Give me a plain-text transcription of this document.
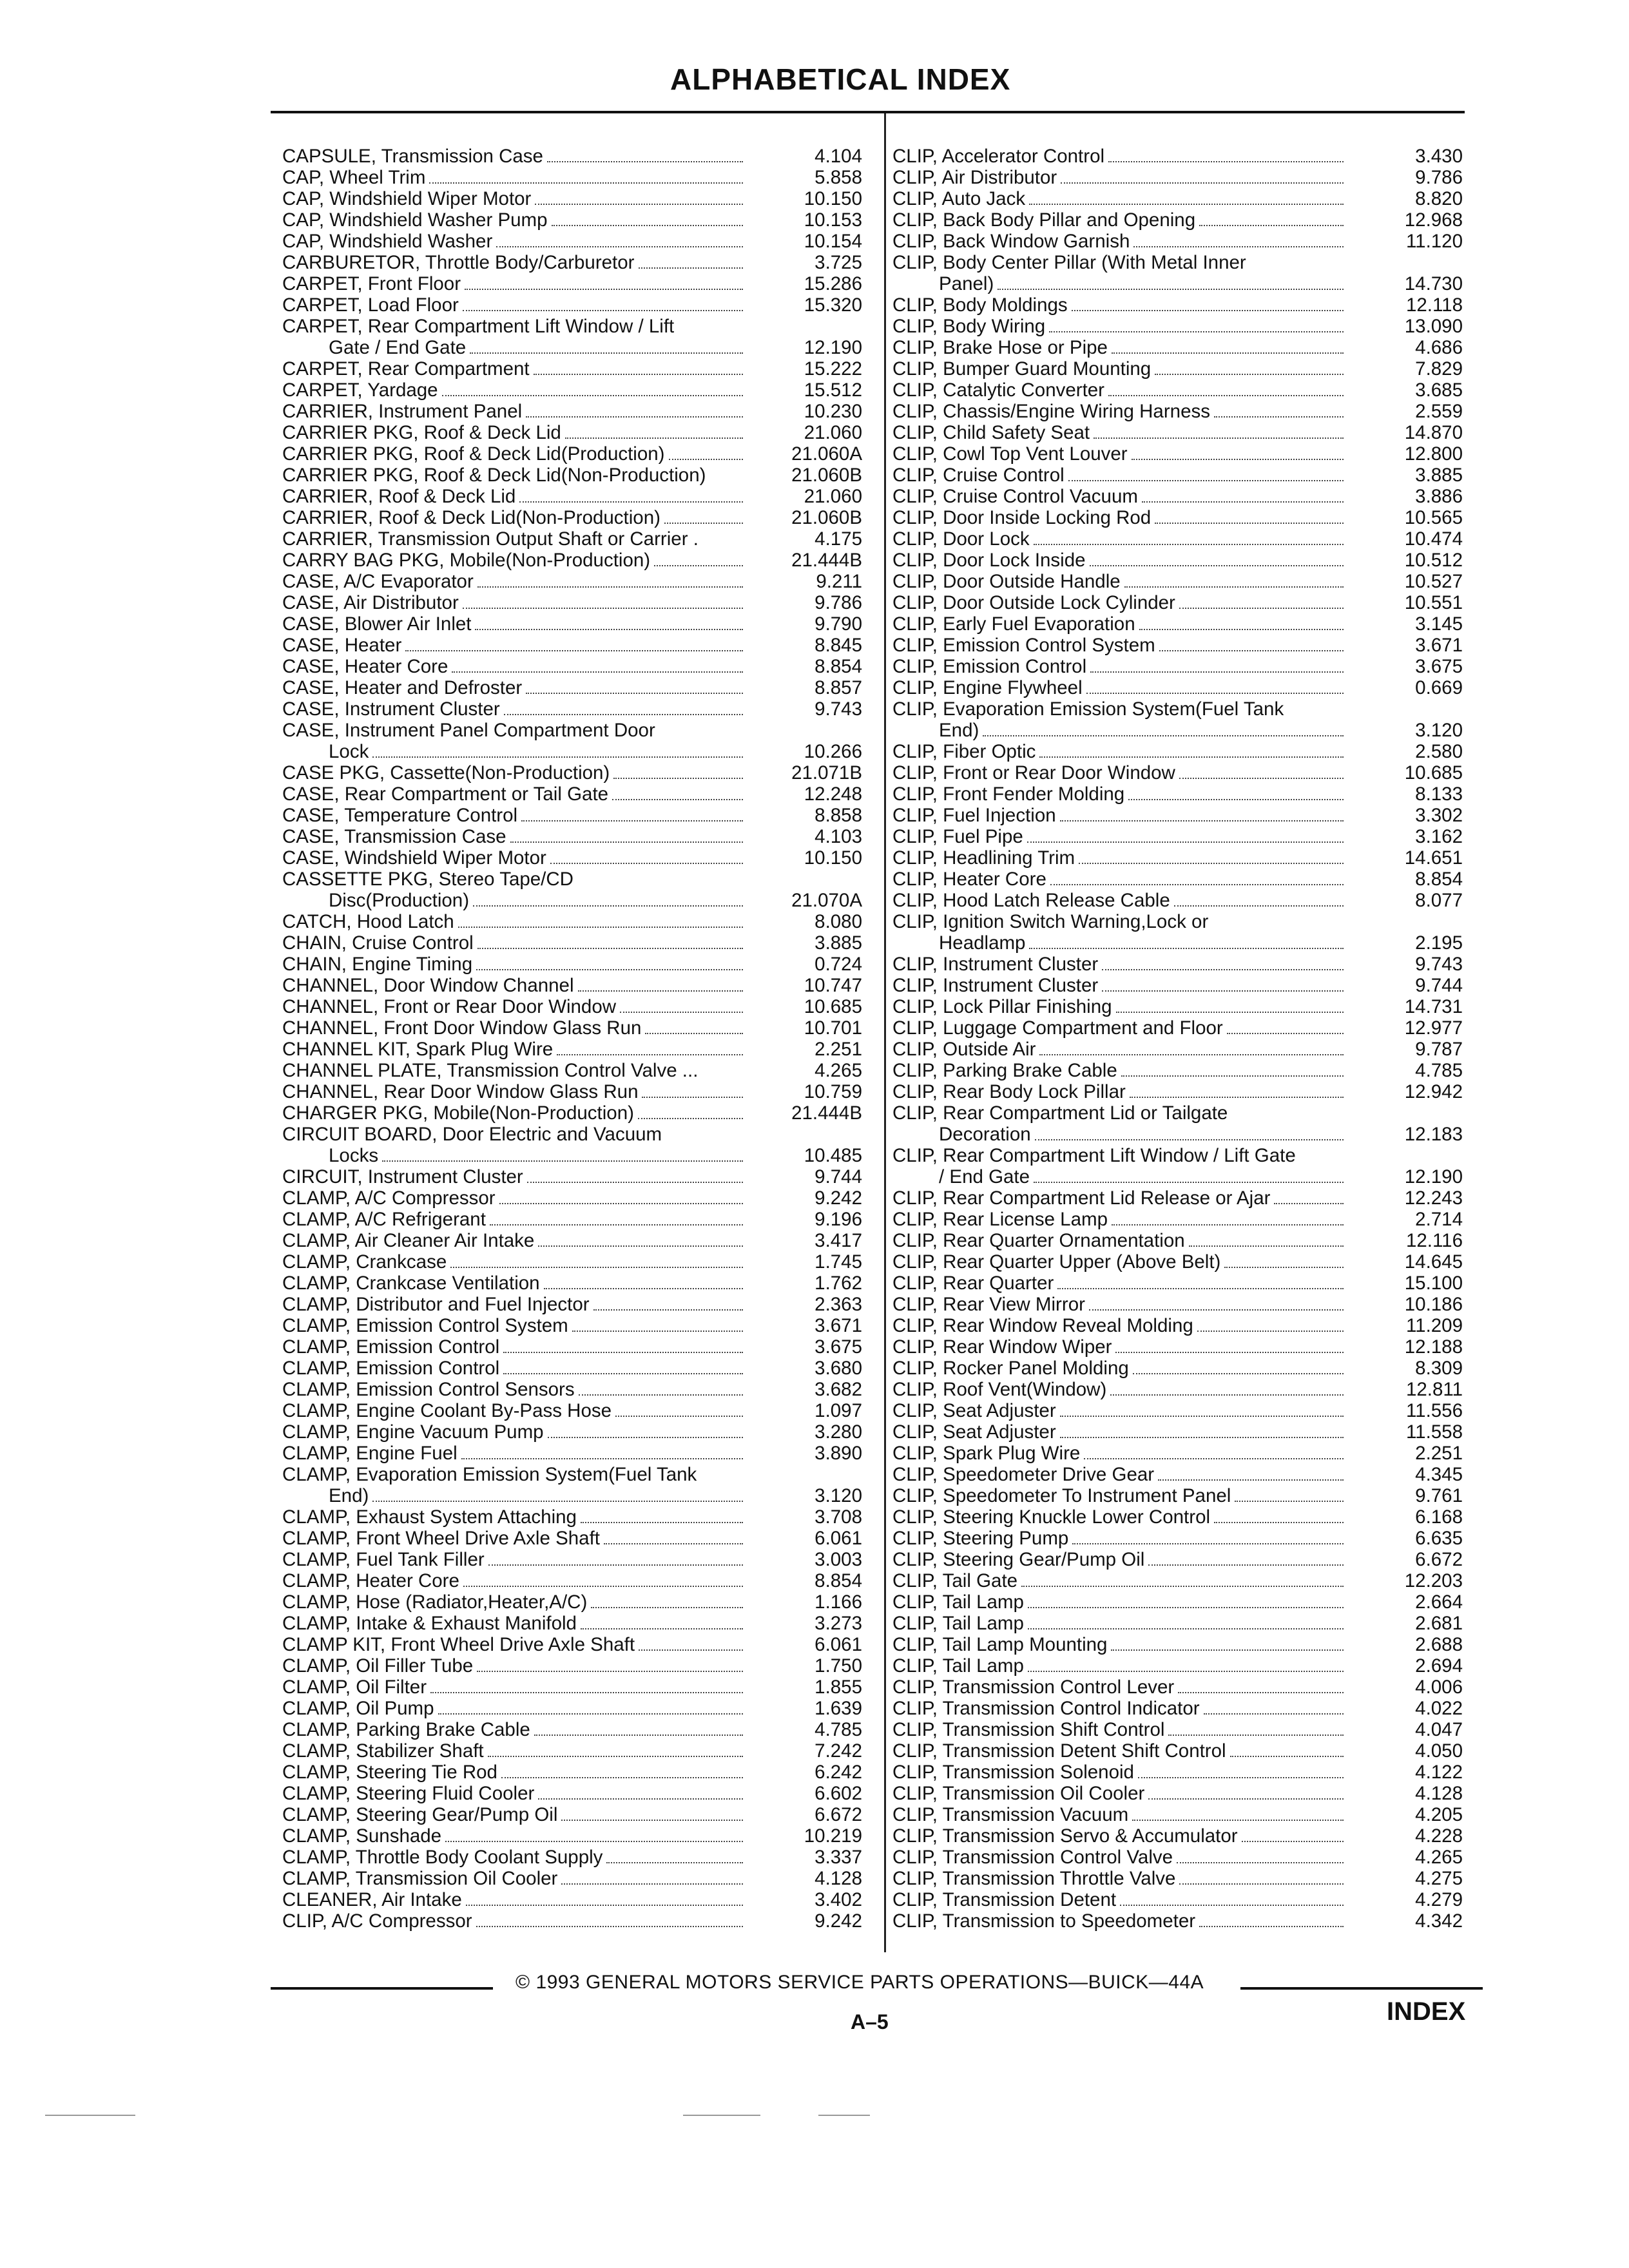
ALPHABETICAL INDEX
CAPSULE, Transmission Case	4.104
CAP, Wheel Trim	5.858
CAP, Windshield Wiper Motor	10.150
CAP, Windshield Washer Pump	10.153
CAP, Windshield Washer	10.154
CARBURETOR, Throttle Body/Carburetor	3.725
CARPET, Front Floor	15.286
CARPET, Load Floor	15.320
CARPET, Rear Compartment Lift Window / Lift
Gate / End Gate	12.190
CARPET, Rear Compartment	15.222
CARPET, Yardage	15.512
CARRIER, Instrument Panel	10.230
CARRIER PKG, Roof & Deck Lid	21.060
CARRIER PKG, Roof & Deck Lid(Production)	21.060A
CARRIER PKG, Roof & Deck Lid(Non-Production)	21.060B
CARRIER, Roof & Deck Lid	21.060
CARRIER, Roof & Deck Lid(Non-Production)	21.060B
CARRIER, Transmission Output Shaft or Carrier .	4.175
CARRY BAG PKG, Mobile(Non-Production)	21.444B
CASE, A/C Evaporator	9.211
CASE, Air Distributor	9.786
CASE, Blower Air Inlet	9.790
CASE, Heater	8.845
CASE, Heater Core	8.854
CASE, Heater and Defroster	8.857
CASE, Instrument Cluster	9.743
CASE, Instrument Panel Compartment Door
Lock	10.266
CASE PKG, Cassette(Non-Production)	21.071B
CASE, Rear Compartment or Tail Gate	12.248
CASE, Temperature Control	8.858
CASE, Transmission Case	4.103
CASE, Windshield Wiper Motor	10.150
CASSETTE PKG, Stereo Tape/CD
Disc(Production)	21.070A
CATCH, Hood Latch	8.080
CHAIN, Cruise Control	3.885
CHAIN, Engine Timing	0.724
CHANNEL, Door Window Channel	10.747
CHANNEL, Front or Rear Door Window	10.685
CHANNEL, Front Door Window Glass Run	10.701
CHANNEL KIT, Spark Plug Wire	2.251
CHANNEL PLATE, Transmission Control Valve ...	4.265
CHANNEL, Rear Door Window Glass Run	10.759
CHARGER PKG, Mobile(Non-Production)	21.444B
CIRCUIT BOARD, Door Electric and Vacuum
Locks	10.485
CIRCUIT, Instrument Cluster	9.744
CLAMP, A/C Compressor	9.242
CLAMP, A/C Refrigerant	9.196
CLAMP, Air Cleaner Air Intake	3.417
CLAMP, Crankcase	1.745
CLAMP, Crankcase Ventilation	1.762
CLAMP, Distributor and Fuel Injector	2.363
CLAMP, Emission Control System	3.671
CLAMP, Emission Control	3.675
CLAMP, Emission Control	3.680
CLAMP, Emission Control Sensors	3.682
CLAMP, Engine Coolant By-Pass Hose	1.097
CLAMP, Engine Vacuum Pump	3.280
CLAMP, Engine Fuel	3.890
CLAMP, Evaporation Emission System(Fuel Tank
End)	3.120
CLAMP, Exhaust System Attaching	3.708
CLAMP, Front Wheel Drive Axle Shaft	6.061
CLAMP, Fuel Tank Filler	3.003
CLAMP, Heater Core	8.854
CLAMP, Hose (Radiator,Heater,A/C)	1.166
CLAMP, Intake & Exhaust Manifold	3.273
CLAMP KIT, Front Wheel Drive Axle Shaft	6.061
CLAMP, Oil Filler Tube	1.750
CLAMP, Oil Filter	1.855
CLAMP, Oil Pump	1.639
CLAMP, Parking Brake Cable	4.785
CLAMP, Stabilizer Shaft	7.242
CLAMP, Steering Tie Rod	6.242
CLAMP, Steering Fluid Cooler	6.602
CLAMP, Steering Gear/Pump Oil	6.672
CLAMP, Sunshade	10.219
CLAMP, Throttle Body Coolant Supply	3.337
CLAMP, Transmission Oil Cooler	4.128
CLEANER, Air Intake	3.402
CLIP, A/C Compressor	9.242
CLIP, Accelerator Control	3.430
CLIP, Air Distributor	9.786
CLIP, Auto Jack	8.820
CLIP, Back Body Pillar and Opening	12.968
CLIP, Back Window Garnish	11.120
CLIP, Body Center Pillar (With Metal Inner
Panel)	14.730
CLIP, Body Moldings	12.118
CLIP, Body Wiring	13.090
CLIP, Brake Hose or Pipe	4.686
CLIP, Bumper Guard Mounting	7.829
CLIP, Catalytic Converter	3.685
CLIP, Chassis/Engine Wiring Harness	2.559
CLIP, Child Safety Seat	14.870
CLIP, Cowl Top Vent Louver	12.800
CLIP, Cruise Control	3.885
CLIP, Cruise Control Vacuum	3.886
CLIP, Door Inside Locking Rod	10.565
CLIP, Door Lock	10.474
CLIP, Door Lock Inside	10.512
CLIP, Door Outside Handle	10.527
CLIP, Door Outside Lock Cylinder	10.551
CLIP, Early Fuel Evaporation	3.145
CLIP, Emission Control System	3.671
CLIP, Emission Control	3.675
CLIP, Engine Flywheel	0.669
CLIP, Evaporation Emission System(Fuel Tank
End)	3.120
CLIP, Fiber Optic	2.580
CLIP, Front or Rear Door Window	10.685
CLIP, Front Fender Molding	8.133
CLIP, Fuel Injection	3.302
CLIP, Fuel Pipe	3.162
CLIP, Headlining Trim	14.651
CLIP, Heater Core	8.854
CLIP, Hood Latch Release Cable	8.077
CLIP, Ignition Switch Warning,Lock or
Headlamp	2.195
CLIP, Instrument Cluster	9.743
CLIP, Instrument Cluster	9.744
CLIP, Lock Pillar Finishing	14.731
CLIP, Luggage Compartment and Floor	12.977
CLIP, Outside Air	9.787
CLIP, Parking Brake Cable	4.785
CLIP, Rear Body Lock Pillar	12.942
CLIP, Rear Compartment Lid or Tailgate
Decoration	12.183
CLIP, Rear Compartment Lift Window / Lift Gate
/ End Gate	12.190
CLIP, Rear Compartment Lid Release or Ajar	12.243
CLIP, Rear License Lamp	2.714
CLIP, Rear Quarter Ornamentation	12.116
CLIP, Rear Quarter Upper (Above Belt)	14.645
CLIP, Rear Quarter	15.100
CLIP, Rear View Mirror	10.186
CLIP, Rear Window Reveal Molding	11.209
CLIP, Rear Window Wiper	12.188
CLIP, Rocker Panel Molding	8.309
CLIP, Roof Vent(Window)	12.811
CLIP, Seat Adjuster	11.556
CLIP, Seat Adjuster	11.558
CLIP, Spark Plug Wire	2.251
CLIP, Speedometer Drive Gear	4.345
CLIP, Speedometer To Instrument Panel	9.761
CLIP, Steering Knuckle Lower Control	6.168
CLIP, Steering Pump	6.635
CLIP, Steering Gear/Pump Oil	6.672
CLIP, Tail Gate	12.203
CLIP, Tail Lamp	2.664
CLIP, Tail Lamp	2.681
CLIP, Tail Lamp Mounting	2.688
CLIP, Tail Lamp	2.694
CLIP, Transmission Control Lever	4.006
CLIP, Transmission Control Indicator	4.022
CLIP, Transmission Shift Control	4.047
CLIP, Transmission Detent Shift Control	4.050
CLIP, Transmission Solenoid	4.122
CLIP, Transmission Oil Cooler	4.128
CLIP, Transmission Vacuum	4.205
CLIP, Transmission Servo & Accumulator	4.228
CLIP, Transmission Control Valve	4.265
CLIP, Transmission Throttle Valve	4.275
CLIP, Transmission Detent	4.279
CLIP, Transmission to Speedometer	4.342
© 1993 GENERAL MOTORS SERVICE PARTS OPERATIONS—BUICK—44A
A–5	INDEX
